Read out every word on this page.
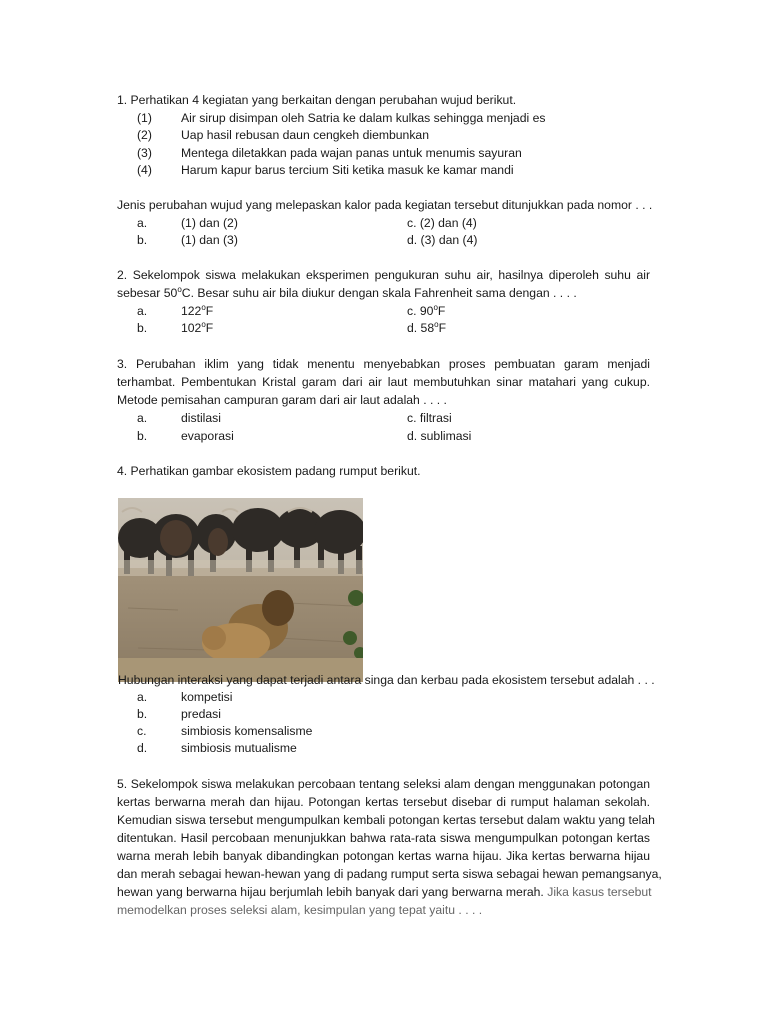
1. Perhatikan 4 kegiatan yang berkaitan dengan perubahan wujud berikut.
(1) Air sirup disimpan oleh Satria ke dalam kulkas sehingga menjadi es
(2) Uap hasil rebusan daun cengkeh diembunkan
(3) Mentega diletakkan pada wajan panas untuk menumis sayuran
(4) Harum kapur barus tercium Siti ketika masuk ke kamar mandi
Jenis perubahan wujud yang melepaskan kalor pada kegiatan tersebut ditunjukkan pada nomor . . .
a.	(1) dan (2)	c. (2) dan (4)
b.	(1) dan (3)	d. (3) dan (4)
2. Sekelompok siswa melakukan eksperimen pengukuran suhu air, hasilnya diperoleh suhu air
sebesar 50$^o$C. Besar suhu air bila diukur dengan skala Fahrenheit sama dengan . . . .
a.	122$^o$F	c. 90$^o$F
b.	102$^o$F	d. 58$^o$F
3. Perubahan iklim yang tidak menentu menyebabkan proses pembuatan garam menjadi
terhambat. Pembentukan Kristal garam dari air laut membutuhkan sinar matahari yang cukup.
Metode pemisahan campuran garam dari air laut adalah . . . .
a.	distilasi	c. filtrasi
b.	evaporasi	d. sublimasi
4. Perhatikan gambar ekosistem padang rumput berikut.
Hubungan interaksi yang dapat terjadi antara singa dan kerbau pada ekosistem tersebut adalah . . .
a.	kompetisi
b.	predasi
c.	simbiosis komensalisme
d.	simbiosis mutualisme
5. Sekelompok siswa melakukan percobaan tentang seleksi alam dengan menggunakan potongan
kertas berwarna merah dan hijau. Potongan kertas tersebut disebar di rumput halaman sekolah.
Kemudian siswa tersebut mengumpulkan kembali potongan kertas tersebut dalam waktu yang telah
ditentukan. Hasil percobaan menunjukkan bahwa rata-rata siswa mengumpulkan potongan kertas
warna merah lebih banyak dibandingkan potongan kertas warna hijau. Jika kertas berwarna hijau
dan merah sebagai hewan-hewan yang di padang rumput serta siswa sebagai hewan pemangsanya,
hewan yang berwarna hijau berjumlah lebih banyak dari yang berwarna merah. Jika kasus tersebut
memodelkan proses seleksi alam, kesimpulan yang tepat yaitu . . . .
